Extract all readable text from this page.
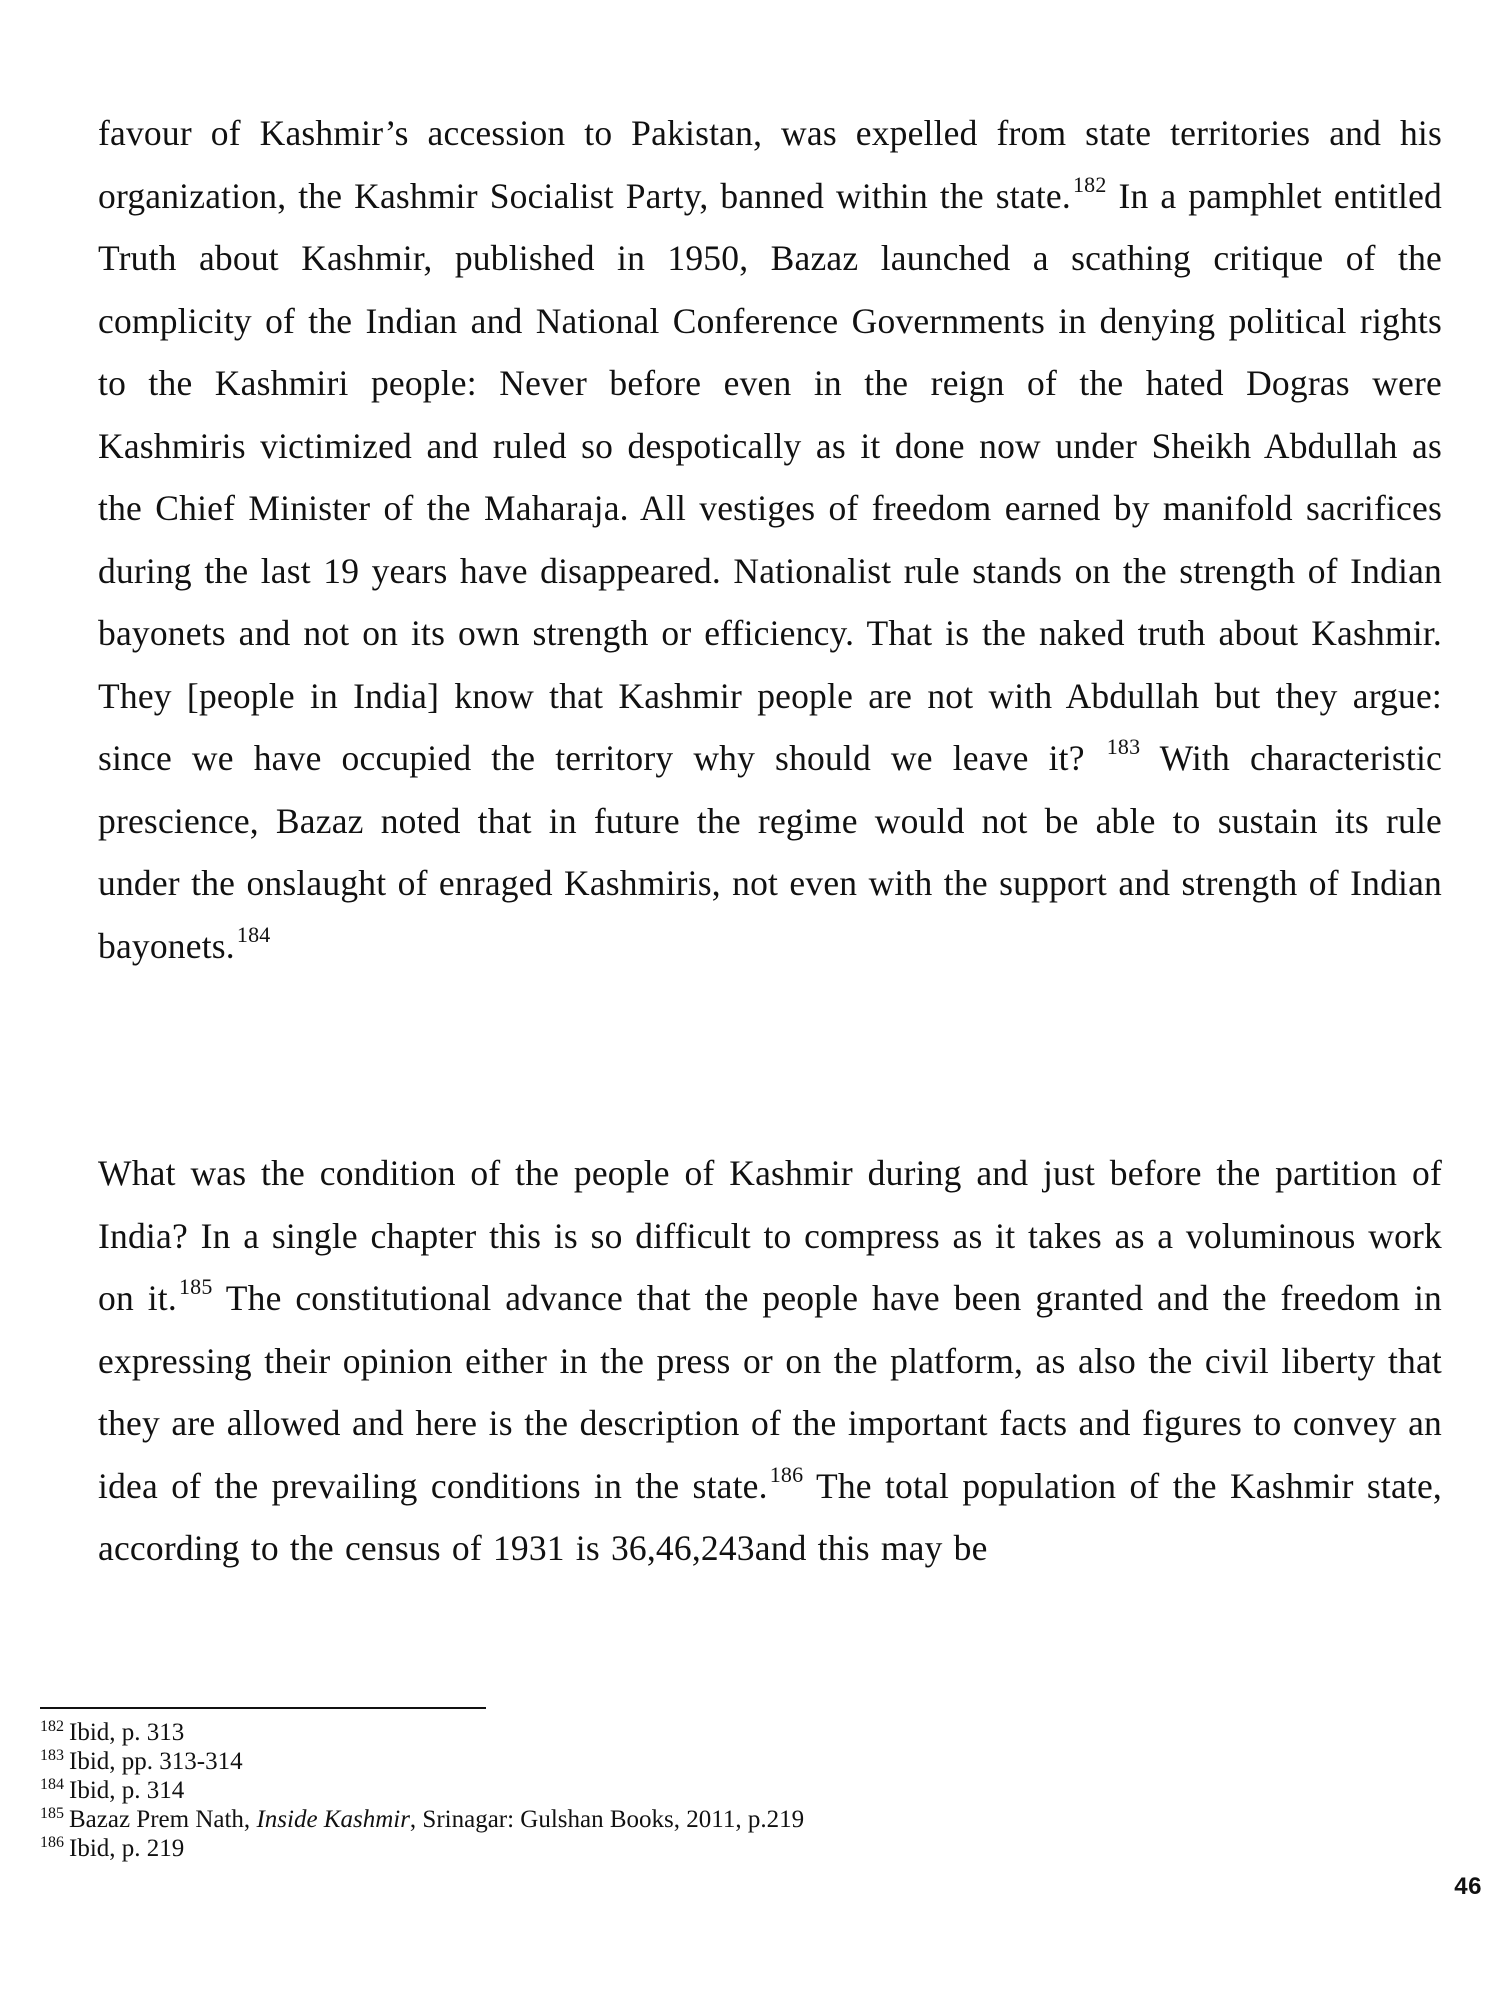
favour of Kashmir’s accession to Pakistan, was expelled from state territories and his organization, the Kashmir Socialist Party, banned within the state.$^{182}$ In a pamphlet entitled Truth about Kashmir, published in 1950, Bazaz launched a scathing critique of the complicity of the Indian and National Conference Governments in denying political rights to the Kashmiri people: Never before even in the reign of the hated Dogras were Kashmiris victimized and ruled so despotically as it done now under Sheikh Abdullah as the Chief Minister of the Maharaja. All vestiges of freedom earned by manifold sacrifices during the last 19 years have disappeared. Nationalist rule stands on the strength of Indian bayonets and not on its own strength or efficiency. That is the naked truth about Kashmir. They [people in India] know that Kashmir people are not with Abdullah but they argue: since we have occupied the territory why should we leave it? $^{183}$ With characteristic prescience, Bazaz noted that in future the regime would not be able to sustain its rule under the onslaught of enraged Kashmiris, not even with the support and strength of Indian bayonets.$^{184}$

What was the condition of the people of Kashmir during and just before the partition of India? In a single chapter this is so difficult to compress as it takes as a voluminous work on it.$^{185}$ The constitutional advance that the people have been granted and the freedom in expressing their opinion either in the press or on the platform, as also the civil liberty that they are allowed and here is the description of the important facts and figures to convey an idea of the prevailing conditions in the state.$^{186}$ The total population of the Kashmir state, according to the census of 1931 is 36,46,243and this may be

$^{182}$ Ibid, p. 313
$^{183}$ Ibid, pp. 313-314
$^{184}$ Ibid, p. 314
$^{185}$ Bazaz Prem Nath, Inside Kashmir, Srinagar: Gulshan Books, 2011, p.219
$^{186}$ Ibid, p. 219
46
